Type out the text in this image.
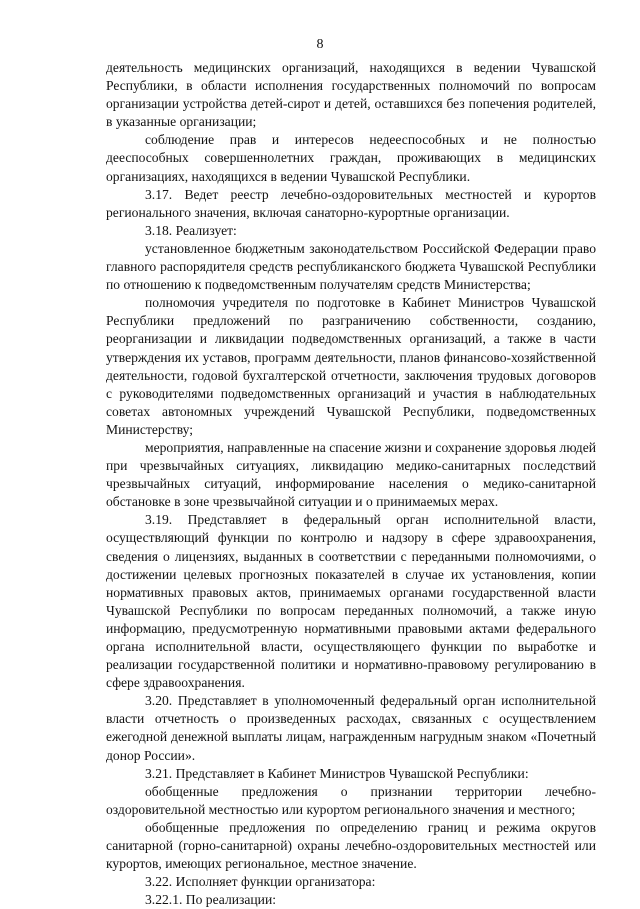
8

деятельность медицинских организаций, находящихся в ведении Чувашской Республики, в области исполнения государственных полномочий по вопросам организации устройства детей-сирот и детей, оставшихся без попечения родителей, в указанные организации;

соблюдение прав и интересов недееспособных и не полностью дееспособных совершеннолетних граждан, проживающих в медицинских организациях, находящихся в ведении Чувашской Республики.

3.17. Ведет реестр лечебно-оздоровительных местностей и курортов регионального значения, включая санаторно-курортные организации.

3.18. Реализует:

установленное бюджетным законодательством Российской Федерации право главного распорядителя средств республиканского бюджета Чувашской Республики по отношению к подведомственным получателям средств Министерства;

полномочия учредителя по подготовке в Кабинет Министров Чувашской Республики предложений по разграничению собственности, созданию, реорганизации и ликвидации подведомственных организаций, а также в части утверждения их уставов, программ деятельности, планов финансово-хозяйственной деятельности, годовой бухгалтерской отчетности, заключения трудовых договоров с руководителями подведомственных организаций и участия в наблюдательных советах автономных учреждений Чувашской Республики, подведомственных Министерству;

мероприятия, направленные на спасение жизни и сохранение здоровья людей при чрезвычайных ситуациях, ликвидацию медико-санитарных последствий чрезвычайных ситуаций, информирование населения о медико-санитарной обстановке в зоне чрезвычайной ситуации и о принимаемых мерах.

3.19. Представляет в федеральный орган исполнительной власти, осуществляющий функции по контролю и надзору в сфере здравоохранения, сведения о лицензиях, выданных в соответствии с переданными полномочиями, о достижении целевых прогнозных показателей в случае их установления, копии нормативных правовых актов, принимаемых органами государственной власти Чувашской Республики по вопросам переданных полномочий, а также иную информацию, предусмотренную нормативными правовыми актами федерального органа исполнительной власти, осуществляющего функции по выработке и реализации государственной политики и нормативно-правовому регулированию в сфере здравоохранения.

3.20. Представляет в уполномоченный федеральный орган исполнительной власти отчетность о произведенных расходах, связанных с осуществлением ежегодной денежной выплаты лицам, награжденным нагрудным знаком «Почетный донор России».

3.21. Представляет в Кабинет Министров Чувашской Республики:

обобщенные предложения о признании территории лечебно-оздоровительной местностью или курортом регионального значения и местного;

обобщенные предложения по определению границ и режима округов санитарной (горно-санитарной) охраны лечебно-оздоровительных местностей или курортов, имеющих региональное, местное значение.

3.22. Исполняет функции организатора:

3.22.1. По реализации:
